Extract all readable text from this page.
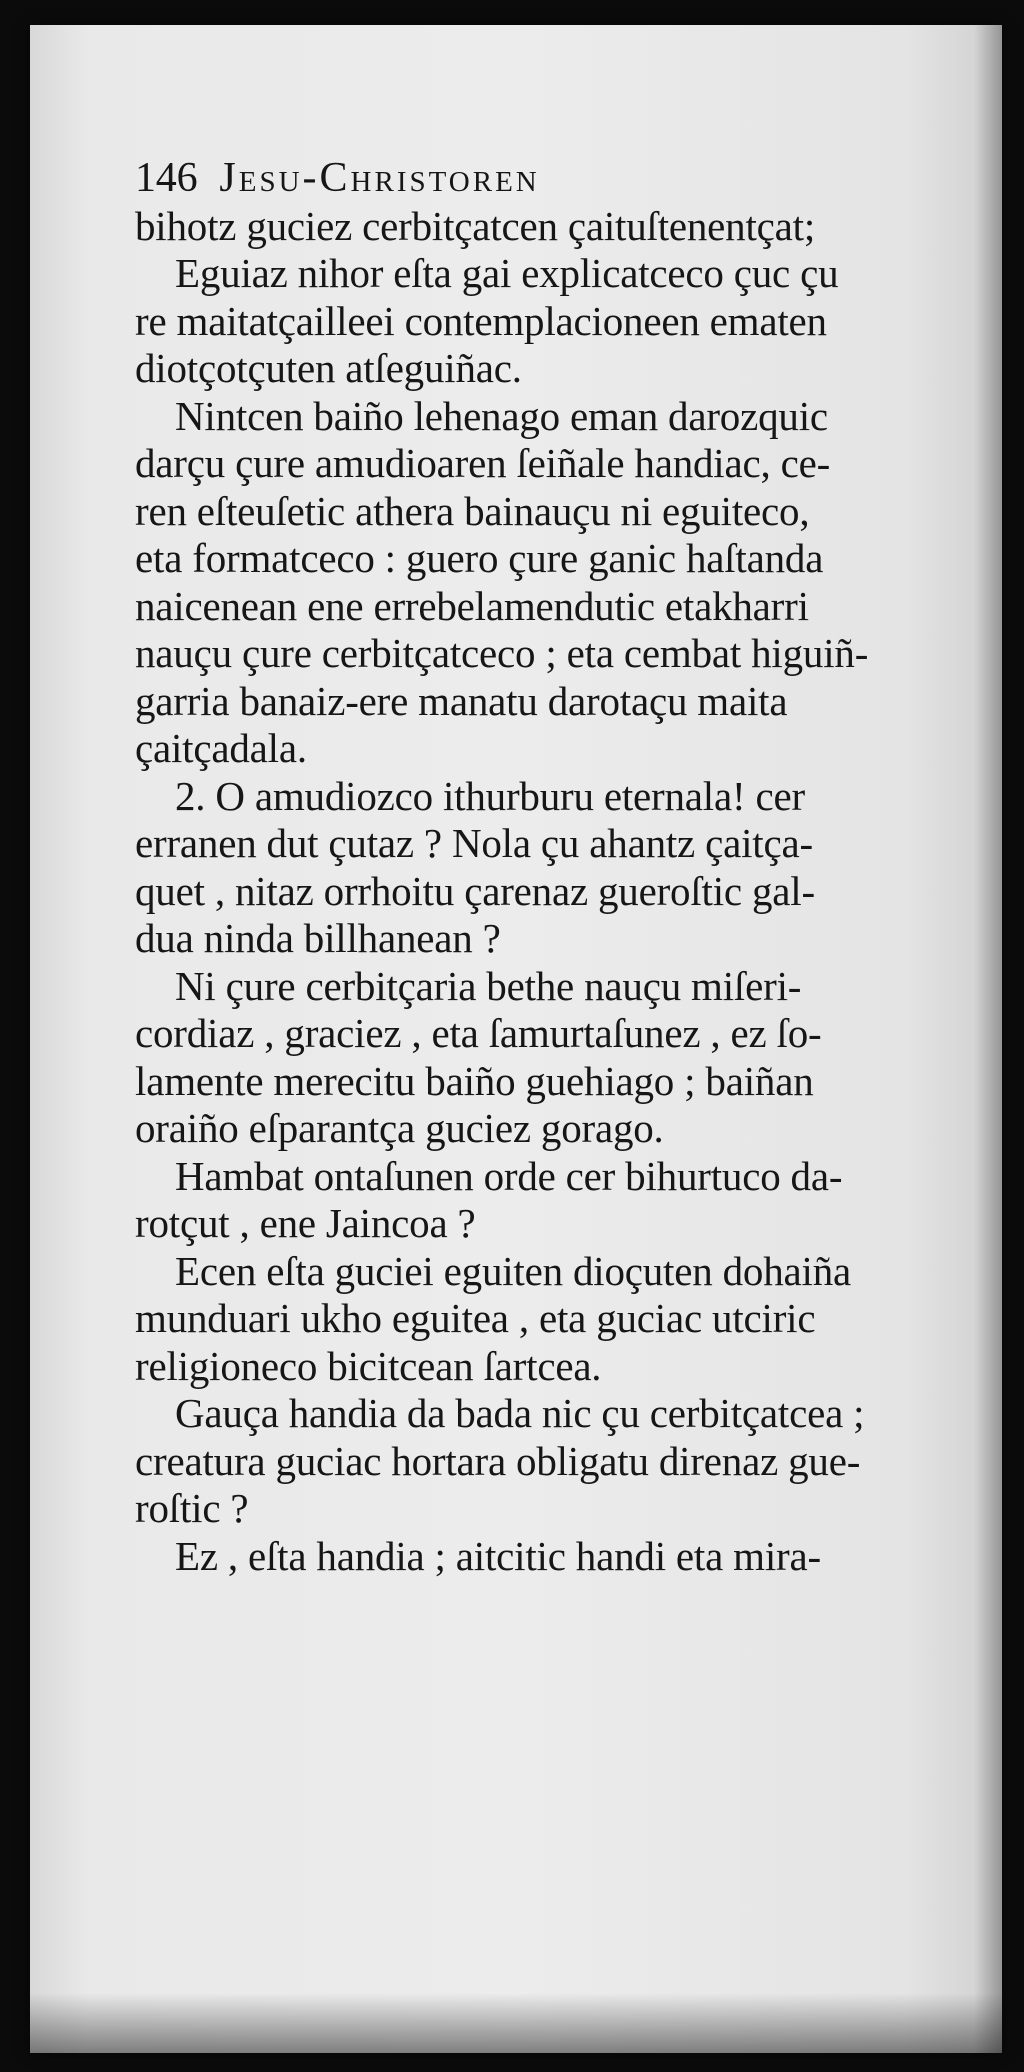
146 Jesu-Christoren
bihotz guciez cerbitçatcen çaituſtenentçat;
Eguiaz nihor eſta gai explicatceco çuc çu
re maitatçailleei contemplacioneen ematen
diotçotçuten atſeguiñac.
Nintcen baiño lehenago eman darozquic
darçu çure amudioaren ſeiñale handiac, ce-
ren eſteuſetic athera bainauçu ni eguiteco,
eta formatceco : guero çure ganic haſtanda
naicenean ene errebelamendutic etakharri
nauçu çure cerbitçatceco ; eta cembat higuiñ-
garria banaiz-ere manatu darotaçu maita
çaitçadala.
2. O amudiozco ithurburu eternala! cer
erranen dut çutaz ? Nola çu ahantz çaitça-
quet , nitaz orrhoitu çarenaz gueroſtic gal-
dua ninda billhanean ?
Ni çure cerbitçaria bethe nauçu miſeri-
cordiaz , graciez , eta ſamurtaſunez , ez ſo-
lamente merecitu baiño guehiago ; baiñan
oraiño eſparantça guciez gorago.
Hambat ontaſunen orde cer bihurtuco da-
rotçut , ene Jaincoa ?
Ecen eſta guciei eguiten dioçuten dohaiña
munduari ukho eguitea , eta guciac utciric
religioneco bicitcean ſartcea.
Gauça handia da bada nic çu cerbitçatcea ;
creatura guciac hortara obligatu direnaz gue-
roſtic ?
Ez , eſta handia ; aitcitic handi eta mira-
